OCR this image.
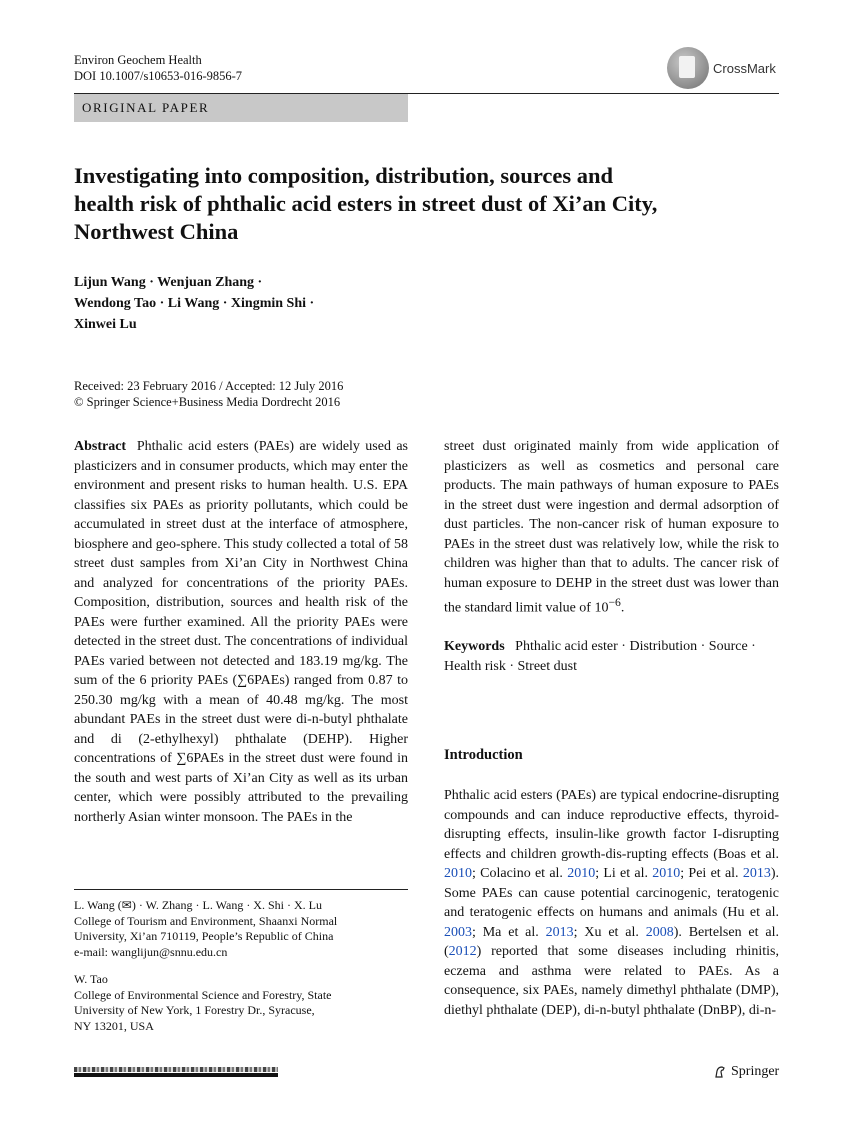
Environ Geochem Health
DOI 10.1007/s10653-016-9856-7	CrossMark
ORIGINAL PAPER
Investigating into composition, distribution, sources and health risk of phthalic acid esters in street dust of Xi’an City, Northwest China
Lijun Wang · Wenjuan Zhang ·
Wendong Tao · Li Wang · Xingmin Shi ·
Xinwei Lu
Received: 23 February 2016 / Accepted: 12 July 2016
© Springer Science+Business Media Dordrecht 2016
Abstract Phthalic acid esters (PAEs) are widely used as plasticizers and in consumer products, which may enter the environment and present risks to human health. U.S. EPA classifies six PAEs as priority pollutants, which could be accumulated in street dust at the interface of atmosphere, biosphere and geo-sphere. This study collected a total of 58 street dust samples from Xi’an City in Northwest China and analyzed for concentrations of the priority PAEs. Composition, distribution, sources and health risk of the PAEs were further examined. All the priority PAEs were detected in the street dust. The concentrations of individual PAEs varied between not detected and 183.19 mg/kg. The sum of the 6 priority PAEs (∑6PAEs) ranged from 0.87 to 250.30 mg/kg with a mean of 40.48 mg/kg. The most abundant PAEs in the street dust were di-n-butyl phthalate and di (2-ethylhexyl) phthalate (DEHP). Higher concentrations of ∑6PAEs in the street dust were found in the south and west parts of Xi’an City as well as its urban center, which were possibly attributed to the prevailing northerly Asian winter monsoon. The PAEs in the
street dust originated mainly from wide application of plasticizers as well as cosmetics and personal care products. The main pathways of human exposure to PAEs in the street dust were ingestion and dermal adsorption of dust particles. The non-cancer risk of human exposure to PAEs in the street dust was relatively low, while the risk to children was higher than that to adults. The cancer risk of human exposure to DEHP in the street dust was lower than the standard limit value of $10^{-6}$.
Keywords Phthalic acid ester · Distribution · Source · Health risk · Street dust
Introduction
Phthalic acid esters (PAEs) are typical endocrine-disrupting compounds and can induce reproductive effects, thyroid-disrupting effects, insulin-like growth factor I-disrupting effects and children growth-dis-rupting effects (Boas et al. 2010; Colacino et al. 2010; Li et al. 2010; Pei et al. 2013). Some PAEs can cause potential carcinogenic, teratogenic and teratogenic effects on humans and animals (Hu et al. 2003; Ma et al. 2013; Xu et al. 2008). Bertelsen et al. (2012) reported that some diseases including rhinitis, eczema and asthma were related to PAEs. As a consequence, six PAEs, namely dimethyl phthalate (DMP), diethyl phthalate (DEP), di-n-butyl phthalate (DnBP), di-n-
L. Wang (✉) · W. Zhang · L. Wang · X. Shi · X. Lu
College of Tourism and Environment, Shaanxi Normal
University, Xi’an 710119, People’s Republic of China
e-mail: wanglijun@snnu.edu.cn
W. Tao
College of Environmental Science and Forestry, State
University of New York, 1 Forestry Dr., Syracuse,
NY 13201, USA
Springer
